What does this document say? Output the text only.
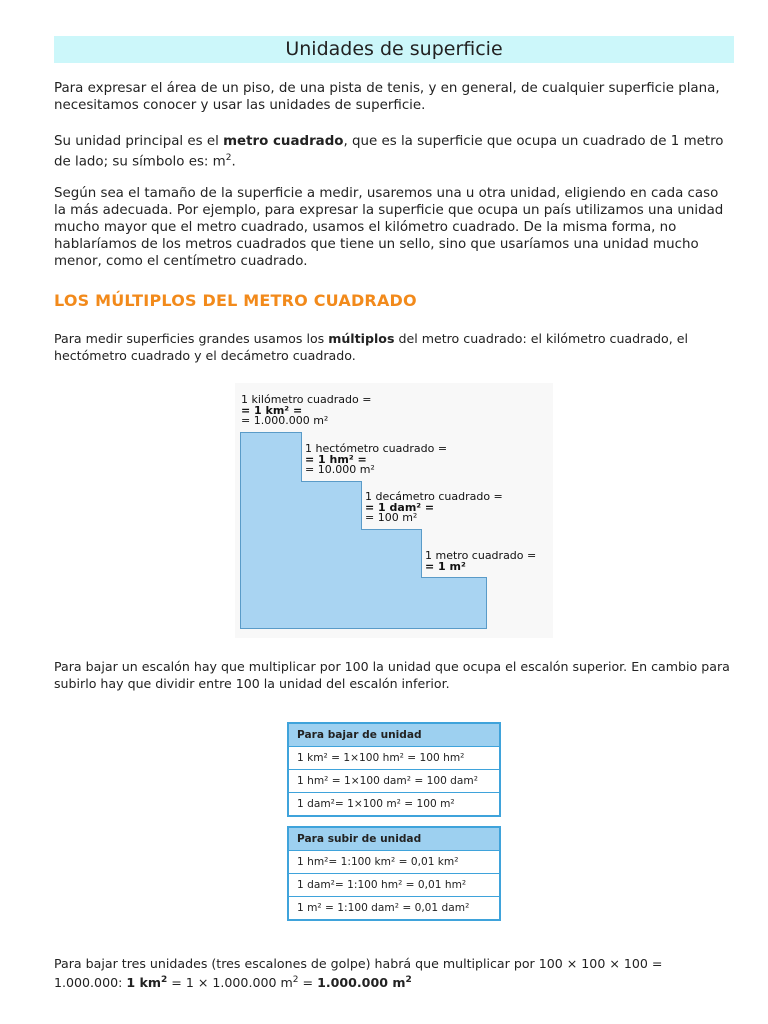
Unidades de superficie

Para expresar el área de un piso, de una pista de tenis, y en general, de cualquier superficie plana, necesitamos conocer y usar las unidades de superficie.

Su unidad principal es el metro cuadrado, que es la superficie que ocupa un cuadrado de 1 metro de lado; su símbolo es: $m^2$.

Según sea el tamaño de la superficie a medir, usaremos una u otra unidad, eligiendo en cada caso la más adecuada. Por ejemplo, para expresar la superficie que ocupa un país utilizamos una unidad mucho mayor que el metro cuadrado, usamos el kilómetro cuadrado. De la misma forma, no hablaríamos de los metros cuadrados que tiene un sello, sino que usaríamos una unidad mucho menor, como el centímetro cuadrado.

LOS MÚLTIPLOS DEL METRO CUADRADO

Para medir superficies grandes usamos los múltiplos del metro cuadrado: el kilómetro cuadrado, el hectómetro cuadrado y el decámetro cuadrado.

1 kilómetro cuadrado =
= 1 km² =
= 1.000.000 m²
1 hectómetro cuadrado =
= 1 hm² =
= 10.000 m²
1 decámetro cuadrado =
= 1 dam² =
= 100 m²
1 metro cuadrado =
= 1 m²

Para bajar un escalón hay que multiplicar por 100 la unidad que ocupa el escalón superior. En cambio para subirlo hay que dividir entre 100 la unidad del escalón inferior.

Para bajar de unidad
1 km² = 1×100 hm² = 100 hm²
1 hm² = 1×100 dam² = 100 dam²
1 dam²= 1×100 m² = 100 m²
Para subir de unidad
1 hm²= 1:100 km² = 0,01 km²
1 dam²= 1:100 hm² = 0,01 hm²
1 m² = 1:100 dam² = 0,01 dam²

Para bajar tres unidades (tres escalones de golpe) habrá que multiplicar por 100 × 100 × 100 = 1.000.000: 1 $km^2 = 1 \times 1.000.000$ $m^2 = 1.000.000$ $m^2$
